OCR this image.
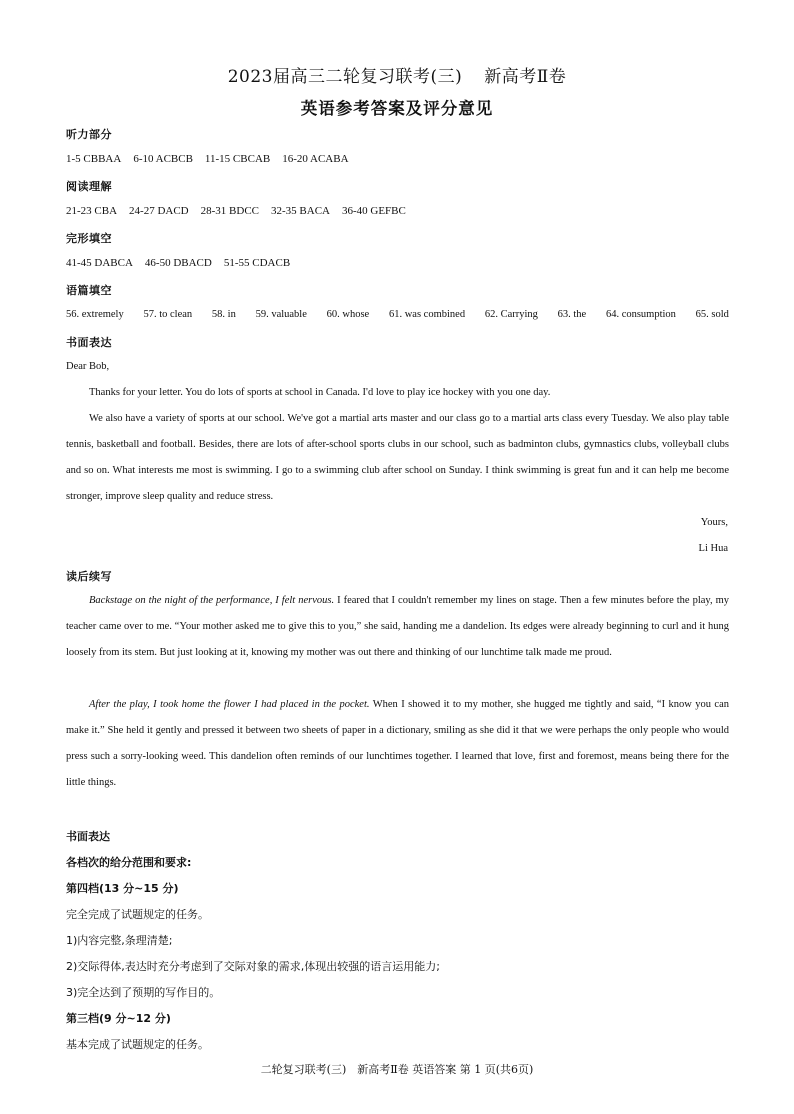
2023届高三二轮复习联考(三) 新高考Ⅱ卷
英语参考答案及评分意见
听力部分
1-5 CBBAA 6-10 ACBCB 11-15 CBCAB 16-20 ACABA
阅读理解
21-23 CBA 24-27 DACD 28-31 BDCC 32-35 BACA 36-40 GEFBC
完形填空
41-45 DABCA 46-50 DBACD 51-55 CDACB
语篇填空
56. extremely 57. to clean 58. in 59. valuable 60. whose 61. was combined 62. Carrying 63. the 64. consumption 65. sold
书面表达
Dear Bob,

Thanks for your letter. You do lots of sports at school in Canada. I'd love to play ice hockey with you one day.

We also have a variety of sports at our school. We've got a martial arts master and our class go to a martial arts class every Tuesday. We also play table tennis, basketball and football. Besides, there are lots of after-school sports clubs in our school, such as badminton clubs, gymnastics clubs, volleyball clubs and so on. What interests me most is swimming. I go to a swimming club after school on Sunday. I think swimming is great fun and it can help me become stronger, improve sleep quality and reduce stress.

Yours,
Li Hua
读后续写

Backstage on the night of the performance, I felt nervous. I feared that I couldn't remember my lines on stage. Then a few minutes before the play, my teacher came over to me. “Your mother asked me to give this to you,” she said, handing me a dandelion. Its edges were already beginning to curl and it hung loosely from its stem. But just looking at it, knowing my mother was out there and thinking of our lunchtime talk made me proud.

After the play, I took home the flower I had placed in the pocket. When I showed it to my mother, she hugged me tightly and said, “I know you can make it.” She held it gently and pressed it between two sheets of paper in a dictionary, smiling as she did it that we were perhaps the only people who would press such a sorry-looking weed. This dandelion often reminds of our lunchtimes together. I learned that love, first and foremost, means being there for the little things.

书面表达
各档次的给分范围和要求:
第四档(13 分~15 分)
完全完成了试题规定的任务。
1)内容完整,条理清楚;
2)交际得体,表达时充分考虑到了交际对象的需求,体现出较强的语言运用能力;
3)完全达到了预期的写作目的。
第三档(9 分~12 分)
基本完成了试题规定的任务。
二轮复习联考(三)　新高考Ⅱ卷 英语答案 第 1 页(共6页)
